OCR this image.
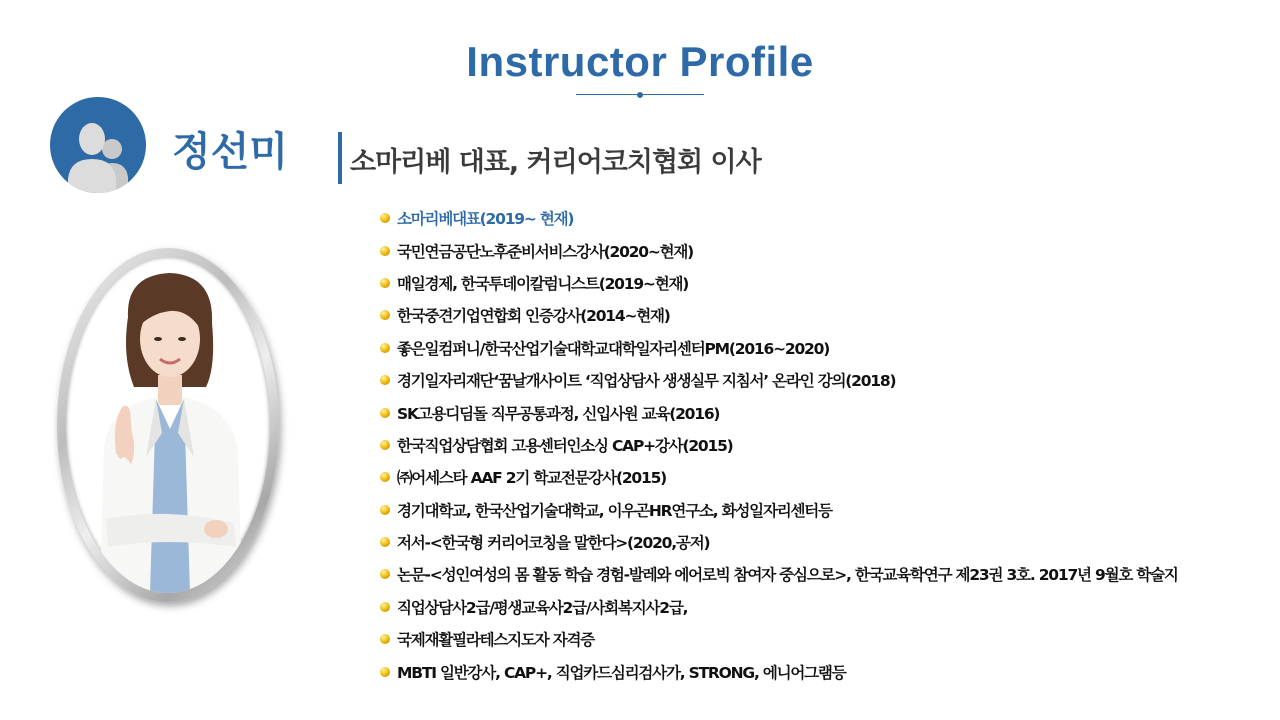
Instructor Profile
정선미 소마리베 대표, 커리어코치협회 이사
소마리베대표(2019~ 현재)
국민연금공단노후준비서비스강사(2020~현재)
매일경제, 한국투데이칼럼니스트(2019~현재)
한국중견기업연합회 인증강사(2014~현재)
좋은일컴퍼니/한국산업기술대학교대학일자리센터PM(2016~2020)
경기일자리재단‘꿈날개사이트 ‘직업상담사 생생실무 지침서’ 온라인 강의(2018)
SK고용디딤돌 직무공통과정, 신입사원 교육(2016)
한국직업상담협회 고용센터인소싱 CAP+강사(2015)
㈜어세스타 AAF 2기 학교전문강사(2015)
경기대학교, 한국산업기술대학교, 이우곤HR연구소, 화성일자리센터등
저서-<한국형 커리어코칭을 말한다>(2020,공저)
논문-<성인여성의 몸 활동 학습 경험-발레와 에어로빅 참여자 중심으로>, 한국교육학연구 제23권 3호. 2017년 9월호 학술지
직업상담사2급/평생교육사2급/사회복지사2급,
국제재활필라테스지도자 자격증
MBTI 일반강사, CAP+, 직업카드심리검사가, STRONG, 에니어그램등
